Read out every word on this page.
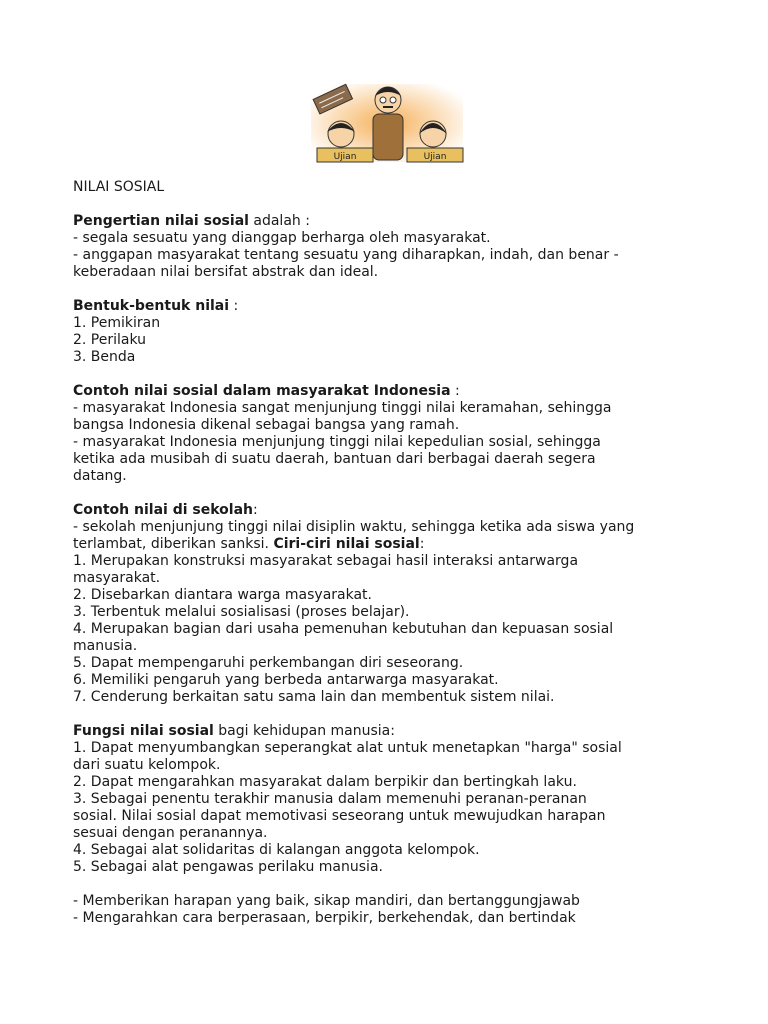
Ujian	Ujian
NILAI SOSIAL
Pengertian nilai sosial adalah :
- segala sesuatu yang dianggap berharga oleh masyarakat.
- anggapan masyarakat tentang sesuatu yang diharapkan, indah, dan benar -
keberadaan nilai bersifat abstrak dan ideal.
Bentuk-bentuk nilai :
1. Pemikiran
2. Perilaku
3. Benda
Contoh nilai sosial dalam masyarakat Indonesia :
- masyarakat Indonesia sangat menjunjung tinggi nilai keramahan, sehingga
bangsa Indonesia dikenal sebagai bangsa yang ramah.
- masyarakat Indonesia menjunjung tinggi nilai kepedulian sosial, sehingga
ketika ada musibah di suatu daerah, bantuan dari berbagai daerah segera
datang.
Contoh nilai di sekolah:
- sekolah menjunjung tinggi nilai disiplin waktu, sehingga ketika ada siswa yang
terlambat, diberikan sanksi. Ciri-ciri nilai sosial:
1. Merupakan konstruksi masyarakat sebagai hasil interaksi antarwarga
masyarakat.
2. Disebarkan diantara warga masyarakat.
3. Terbentuk melalui sosialisasi (proses belajar).
4. Merupakan bagian dari usaha pemenuhan kebutuhan dan kepuasan sosial
manusia.
5. Dapat mempengaruhi perkembangan diri seseorang.
6. Memiliki pengaruh yang berbeda antarwarga masyarakat.
7. Cenderung berkaitan satu sama lain dan membentuk sistem nilai.
Fungsi nilai sosial bagi kehidupan manusia:
1. Dapat menyumbangkan seperangkat alat untuk menetapkan "harga" sosial
dari suatu kelompok.
2. Dapat mengarahkan masyarakat dalam berpikir dan bertingkah laku.
3. Sebagai penentu terakhir manusia dalam memenuhi peranan-peranan
sosial. Nilai sosial dapat memotivasi seseorang untuk mewujudkan harapan
sesuai dengan peranannya.
4. Sebagai alat solidaritas di kalangan anggota kelompok.
5. Sebagai alat pengawas perilaku manusia.
- Memberikan harapan yang baik, sikap mandiri, dan bertanggungjawab
- Mengarahkan cara berperasaan, berpikir, berkehendak, dan bertindak
